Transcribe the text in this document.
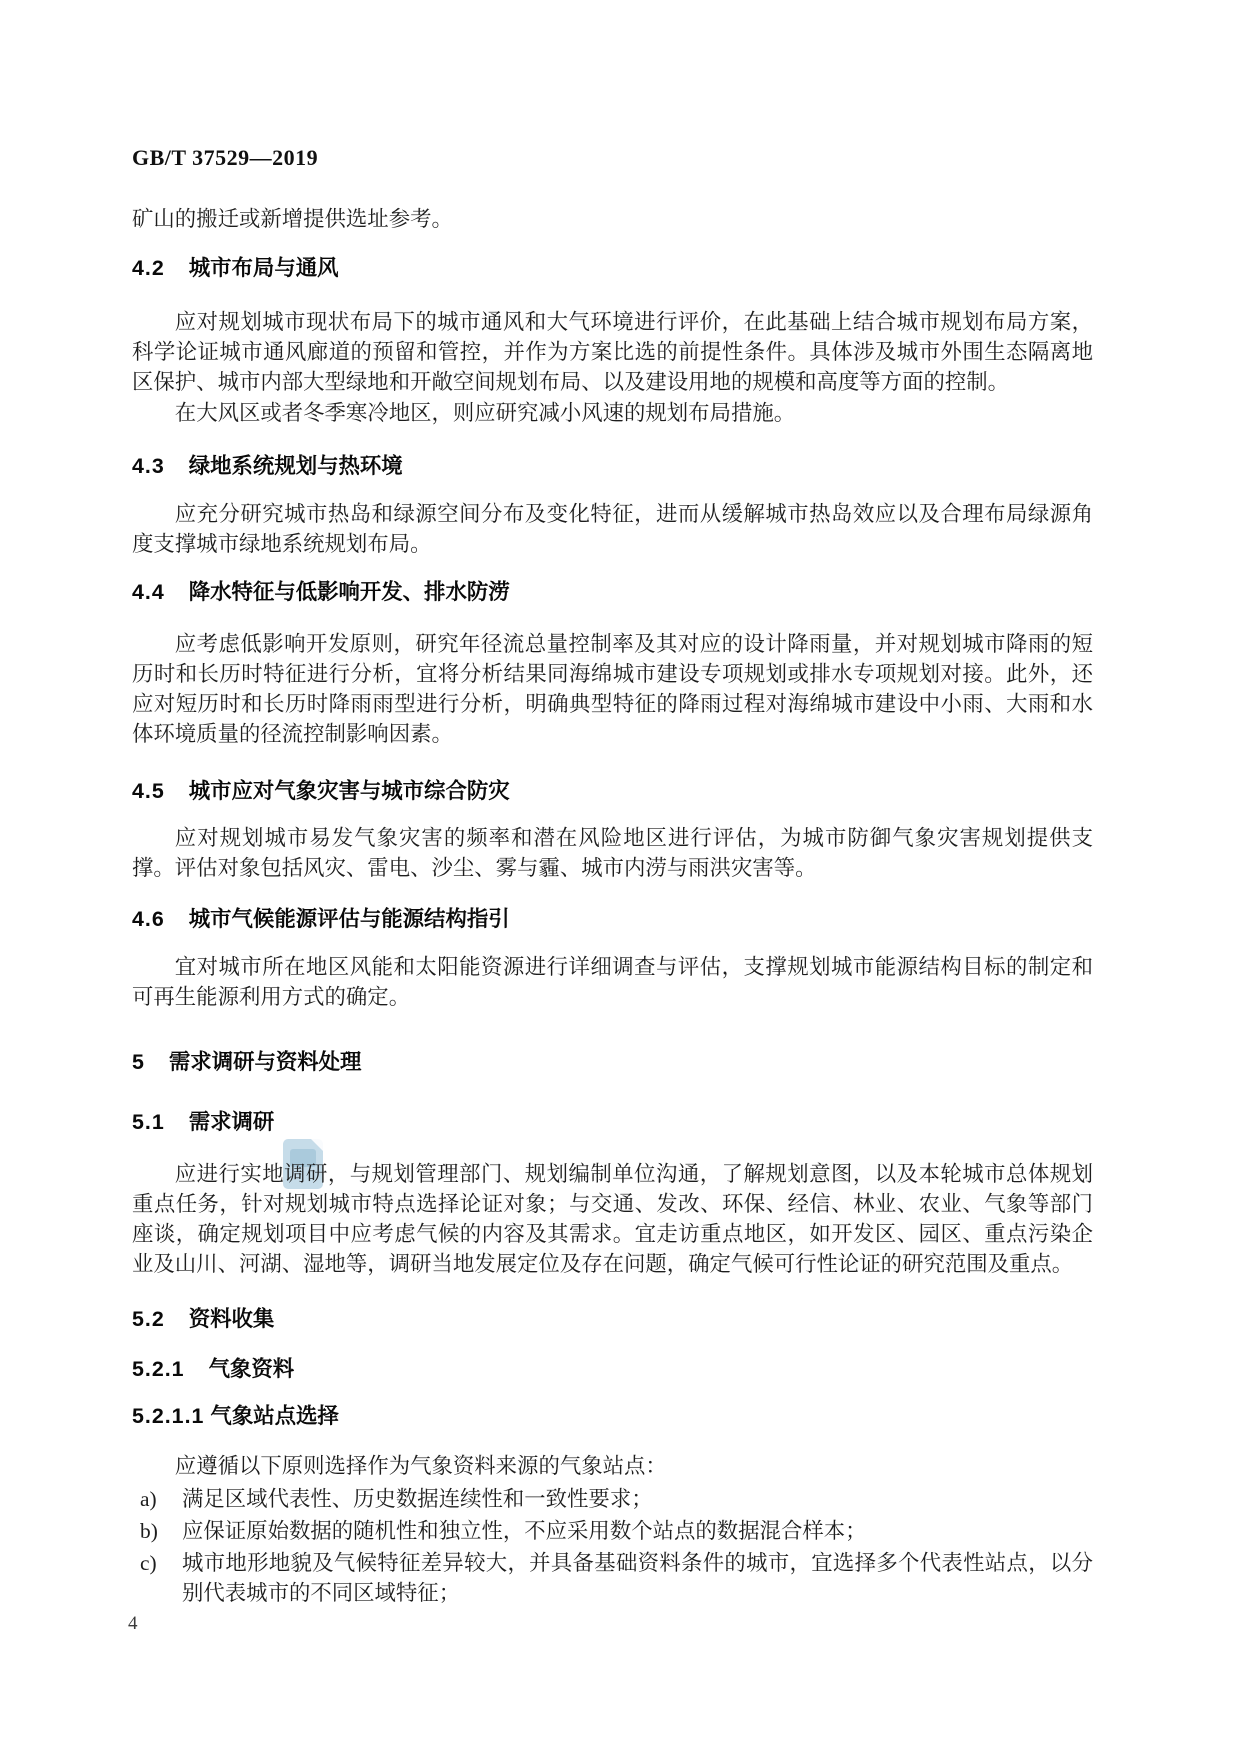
GB/T 37529—2019

矿山的搬迁或新增提供选址参考。

4.2 城市布局与通风

应对规划城市现状布局下的城市通风和大气环境进行评价，在此基础上结合城市规划布局方案，科学论证城市通风廊道的预留和管控，并作为方案比选的前提性条件。具体涉及城市外围生态隔离地区保护、城市内部大型绿地和开敞空间规划布局、以及建设用地的规模和高度等方面的控制。

在大风区或者冬季寒冷地区，则应研究减小风速的规划布局措施。

4.3 绿地系统规划与热环境

应充分研究城市热岛和绿源空间分布及变化特征，进而从缓解城市热岛效应以及合理布局绿源角度支撑城市绿地系统规划布局。

4.4 降水特征与低影响开发、排水防涝

应考虑低影响开发原则，研究年径流总量控制率及其对应的设计降雨量，并对规划城市降雨的短历时和长历时特征进行分析，宜将分析结果同海绵城市建设专项规划或排水专项规划对接。此外，还应对短历时和长历时降雨雨型进行分析，明确典型特征的降雨过程对海绵城市建设中小雨、大雨和水体环境质量的径流控制影响因素。

4.5 城市应对气象灾害与城市综合防灾

应对规划城市易发气象灾害的频率和潜在风险地区进行评估，为城市防御气象灾害规划提供支撑。评估对象包括风灾、雷电、沙尘、雾与霾、城市内涝与雨洪灾害等。

4.6 城市气候能源评估与能源结构指引

宜对城市所在地区风能和太阳能资源进行详细调查与评估，支撑规划城市能源结构目标的制定和可再生能源利用方式的确定。

5 需求调研与资料处理
5.1 需求调研

应进行实地调研，与规划管理部门、规划编制单位沟通，了解规划意图，以及本轮城市总体规划重点任务，针对规划城市特点选择论证对象；与交通、发改、环保、经信、林业、农业、气象等部门座谈，确定规划项目中应考虑气候的内容及其需求。宜走访重点地区，如开发区、园区、重点污染企业及山川、河湖、湿地等，调研当地发展定位及存在问题，确定气候可行性论证的研究范围及重点。

5.2 资料收集
5.2.1 气象资料
5.2.1.1 气象站点选择

应遵循以下原则选择作为气象资料来源的气象站点：

a) 满足区域代表性、历史数据连续性和一致性要求；
b) 应保证原始数据的随机性和独立性，不应采用数个站点的数据混合样本；
c) 城市地形地貌及气候特征差异较大，并具备基础资料条件的城市，宜选择多个代表性站点，以分别代表城市的不同区域特征；
4
